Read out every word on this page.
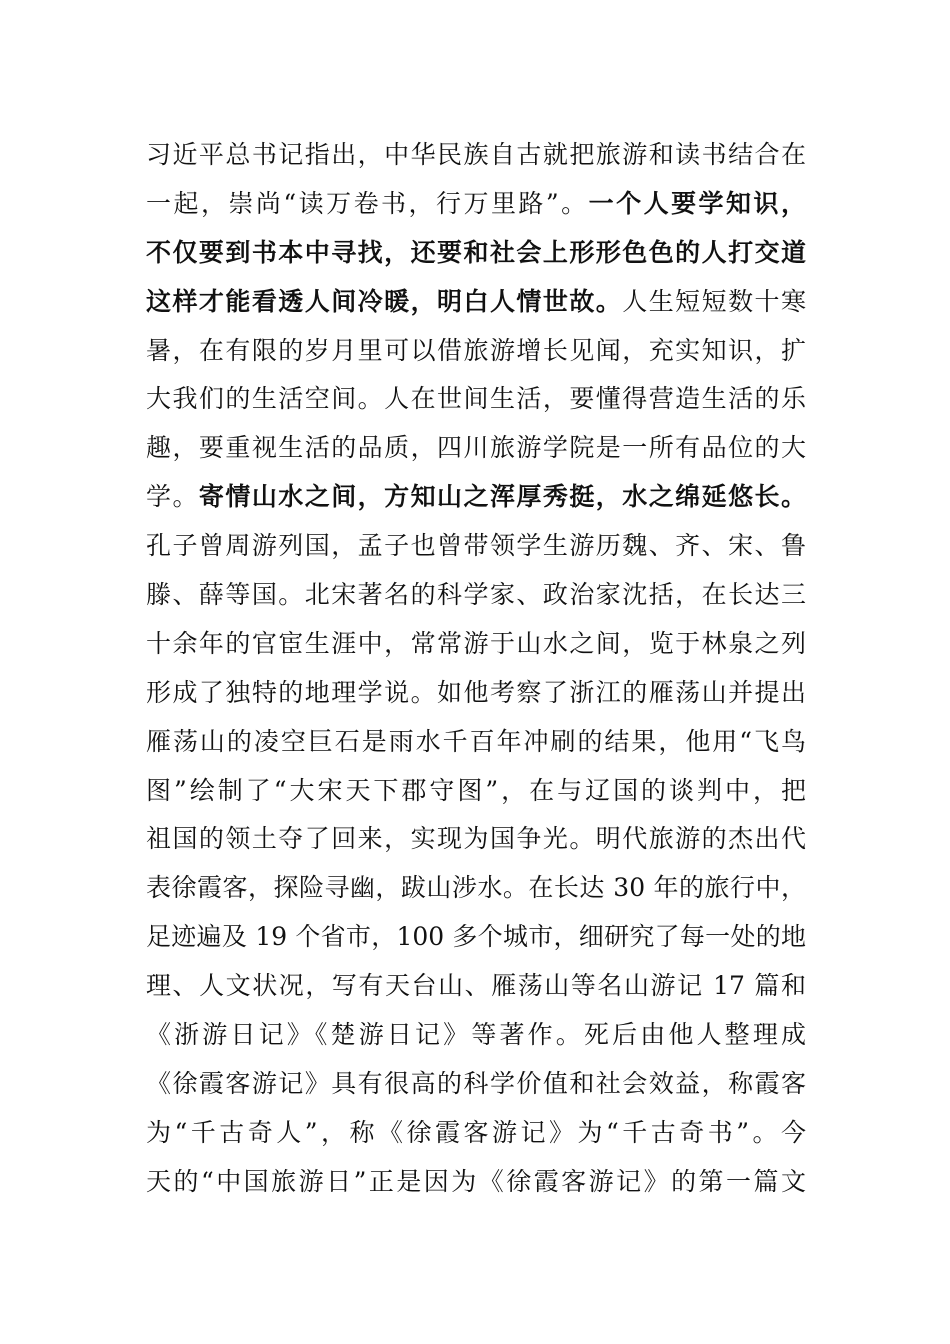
习近平总书记指出，中华民族自古就把旅游和读书结合在
一起，崇尚“读万卷书，行万里路”。一个人要学知识，
不仅要到书本中寻找，还要和社会上形形色色的人打交道
这样才能看透人间冷暖，明白人情世故。人生短短数十寒
暑，在有限的岁月里可以借旅游增长见闻，充实知识，扩
大我们的生活空间。人在世间生活，要懂得营造生活的乐
趣，要重视生活的品质，四川旅游学院是一所有品位的大
学。寄情山水之间，方知山之浑厚秀挺，水之绵延悠长。
孔子曾周游列国，孟子也曾带领学生游历魏、齐、宋、鲁
滕、薛等国。北宋著名的科学家、政治家沈括，在长达三
十余年的官宦生涯中，常常游于山水之间，览于林泉之列
形成了独特的地理学说。如他考察了浙江的雁荡山并提出
雁荡山的凌空巨石是雨水千百年冲刷的结果，他用“飞鸟
图”绘制了“大宋天下郡守图”，在与辽国的谈判中，把
祖国的领土夺了回来，实现为国争光。明代旅游的杰出代
表徐霞客，探险寻幽，跋山涉水。在长达 30 年的旅行中，
足迹遍及 19 个省市，100 多个城市，细研究了每一处的地
理、人文状况，写有天台山、雁荡山等名山游记 17 篇和
《浙游日记》《楚游日记》等著作。死后由他人整理成
《徐霞客游记》具有很高的科学价值和社会效益，称霞客
为“千古奇人”，称《徐霞客游记》为“千古奇书”。今
天的“中国旅游日”正是因为《徐霞客游记》的第一篇文
